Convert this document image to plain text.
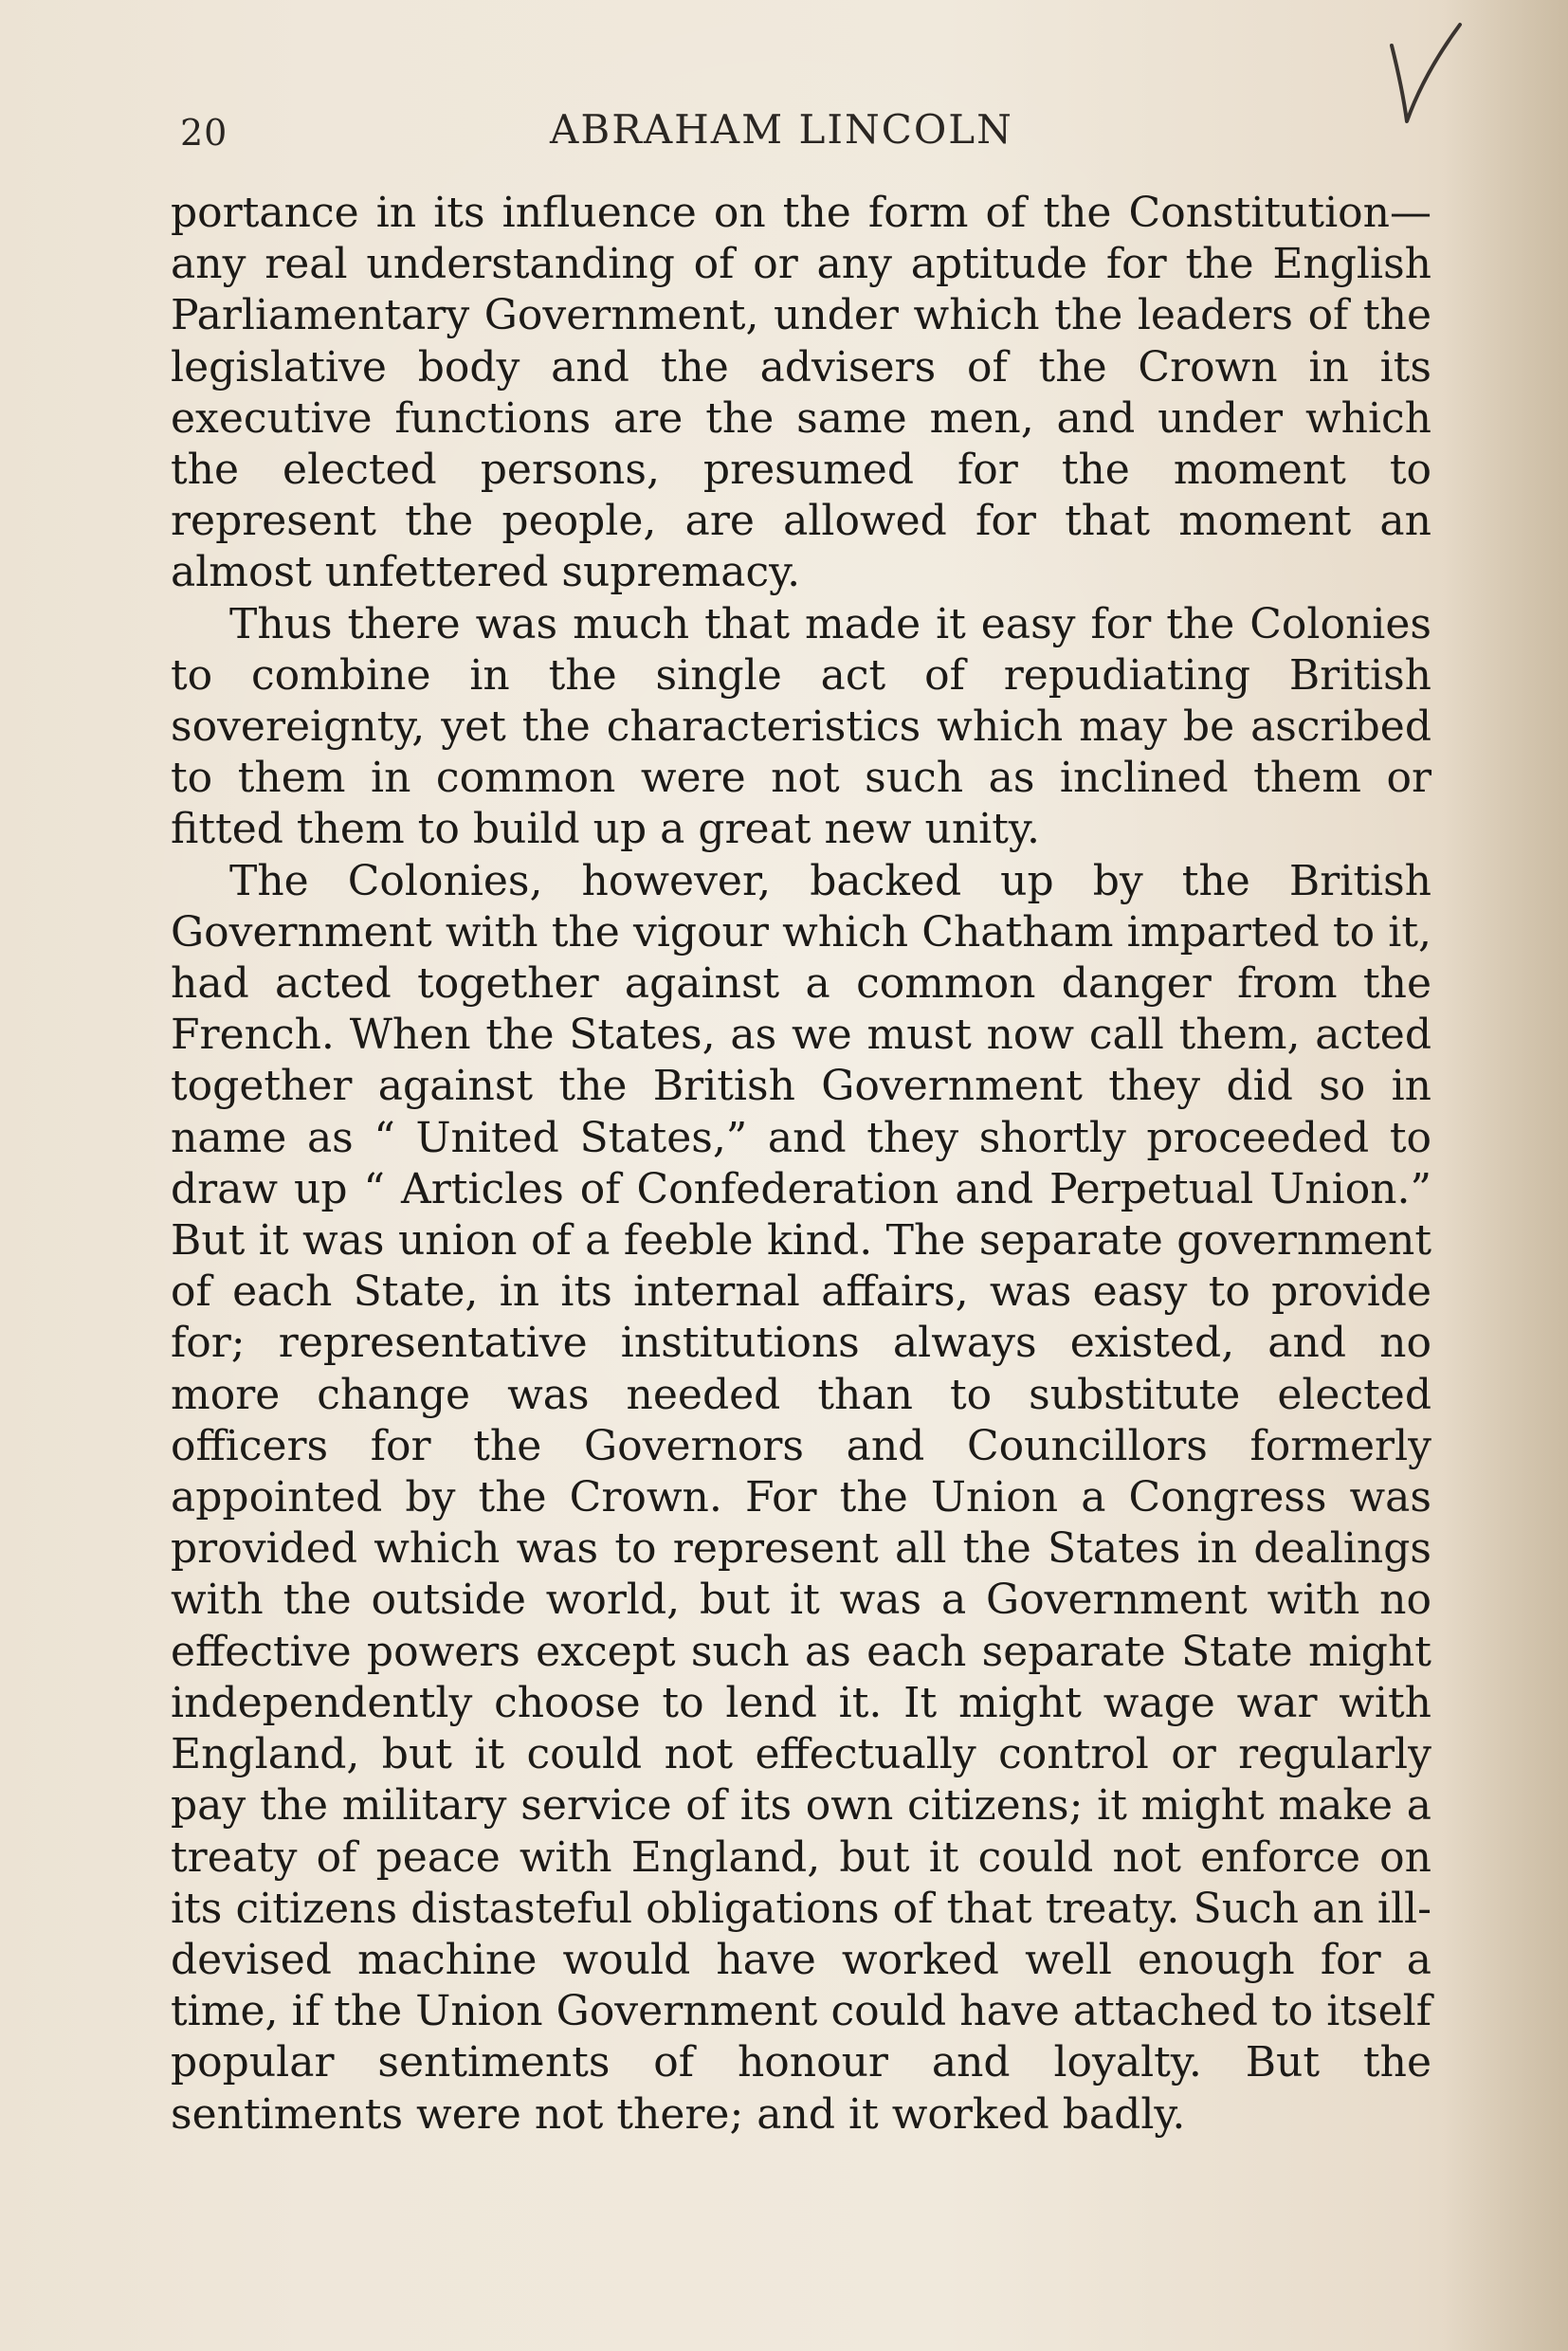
20	ABRAHAM LINCOLN

portance in its influence on the form of the Constitution—any real understanding of or any aptitude for the English Parliamentary Government, under which the leaders of the legislative body and the advisers of the Crown in its executive functions are the same men, and under which the elected persons, presumed for the moment to represent the people, are allowed for that moment an almost unfettered supremacy.

Thus there was much that made it easy for the Colonies to combine in the single act of repudiating British sovereignty, yet the characteristics which may be ascribed to them in common were not such as inclined them or fitted them to build up a great new unity.

The Colonies, however, backed up by the British Government with the vigour which Chatham imparted to it, had acted together against a common danger from the French. When the States, as we must now call them, acted together against the British Government they did so in name as “ United States,” and they shortly proceeded to draw up “ Articles of Confederation and Perpetual Union.” But it was union of a feeble kind. The separate government of each State, in its internal affairs, was easy to provide for; representative institutions always existed, and no more change was needed than to substitute elected officers for the Governors and Councillors formerly appointed by the Crown. For the Union a Congress was provided which was to represent all the States in dealings with the outside world, but it was a Government with no effective powers except such as each separate State might independently choose to lend it. It might wage war with England, but it could not effectually control or regularly pay the military service of its own citizens; it might make a treaty of peace with England, but it could not enforce on its citizens distasteful obligations of that treaty. Such an ill-devised machine would have worked well enough for a time, if the Union Government could have attached to itself popular sentiments of honour and loyalty. But the sentiments were not there; and it worked badly.
